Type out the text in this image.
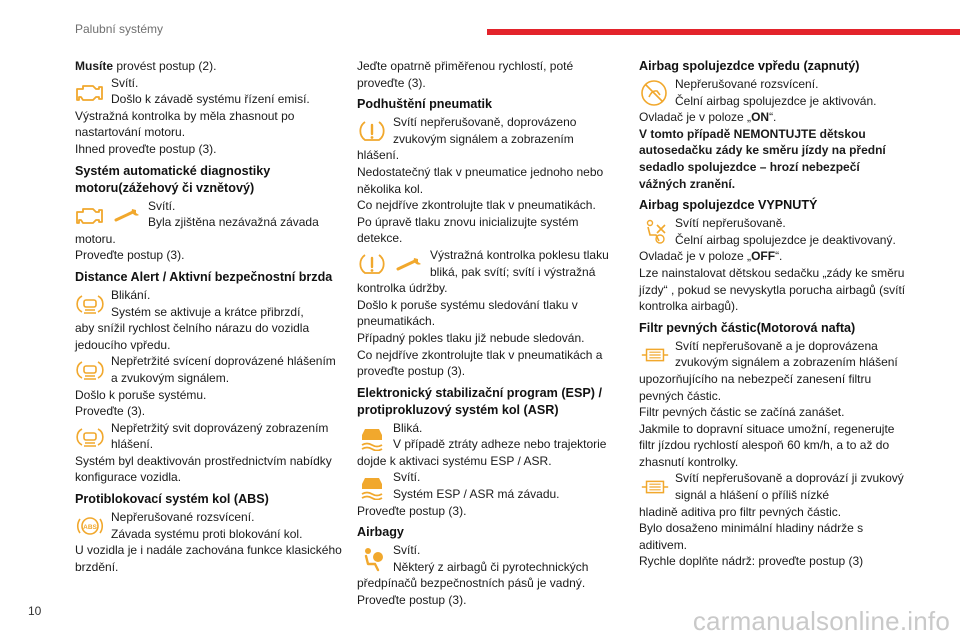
Palubní systémy

Musíte provést postup (2).

Svítí.
Došlo k závadě systému řízení emisí.

Výstražná kontrolka by měla zhasnout po nastartování motoru.

Ihned proveďte postup (3).

Systém automatické diagnostiky motoru(zážehový či vznětový)
Svítí.
Byla zjištěna nezávažná závada

motoru.

Proveďte postup (3).

Distance Alert / Aktivní bezpečnostní brzda
Blikání.
Systém se aktivuje a krátce přibrzdí,

aby snížil rychlost čelního nárazu do vozidla jedoucího vpředu.

Nepřetržité svícení doprovázené hlášením a zvukovým signálem.

Došlo k poruše systému.

Proveďte (3).

Nepřetržitý svit doprovázený zobrazením hlášení.

Systém byl deaktivován prostřednictvím nabídky konfigurace vozidla.

Protiblokovací systém kol (ABS)
Nepřerušované rozsvícení.
Závada systému proti blokování kol.

U vozidla je i nadále zachována funkce klasického brzdění.

Jeďte opatrně přiměřenou rychlostí, poté proveďte (3).

Podhuštění pneumatik
Svítí nepřerušovaně, doprovázeno zvukovým signálem a zobrazením

hlášení.

Nedostatečný tlak v pneumatice jednoho nebo několika kol.

Co nejdříve zkontrolujte tlak v pneumatikách.

Po úpravě tlaku znovu inicializujte systém detekce.

Výstražná kontrolka poklesu tlaku bliká, pak svítí; svítí i výstražná

kontrolka údržby.

Došlo k poruše systému sledování tlaku v pneumatikách.

Případný pokles tlaku již nebude sledován.

Co nejdříve zkontrolujte tlak v pneumatikách a proveďte postup (3).

Elektronický stabilizační program (ESP) / protiprokluzový systém kol (ASR)
Bliká.
V případě ztráty adheze nebo trajektorie

dojde k aktivaci systému ESP / ASR.

Svítí.
Systém ESP / ASR má závadu.

Proveďte postup (3).

Airbagy
Svítí.
Některý z airbagů či pyrotechnických

předpínačů bezpečnostních pásů je vadný.

Proveďte postup (3).

Airbag spolujezdce vpředu (zapnutý)
Nepřerušované rozsvícení.
Čelní airbag spolujezdce je aktivován.

Ovladač je v poloze „ON“.

V tomto případě NEMONTUJTE dětskou autosedačku zády ke směru jízdy na přední sedadlo spolujezdce – hrozí nebezpečí vážných zranění.

Airbag spolujezdce VYPNUTÝ
Svítí nepřerušovaně.
Čelní airbag spolujezdce je deaktivovaný.

Ovladač je v poloze „OFF“.

Lze nainstalovat dětskou sedačku „zády ke směru jízdy“ , pokud se nevyskytla porucha airbagů (svítí kontrolka airbagů).

Filtr pevných částic(Motorová nafta)
Svítí nepřerušovaně a je doprovázena zvukovým signálem a zobrazením hlášení

upozorňujícího na nebezpečí zanesení filtru pevných částic.

Filtr pevných částic se začíná zanášet.

Jakmile to dopravní situace umožní, regenerujte filtr jízdou rychlostí alespoň 60 km/h, a to až do zhasnutí kontrolky.

Svítí nepřerušovaně a doprovází ji zvukový signál a hlášení o příliš nízké

hladině aditiva pro filtr pevných částic.

Bylo dosaženo minimální hladiny nádrže s aditivem.

Rychle doplňte nádrž: proveďte postup (3)

10	carmanualsonline.info
